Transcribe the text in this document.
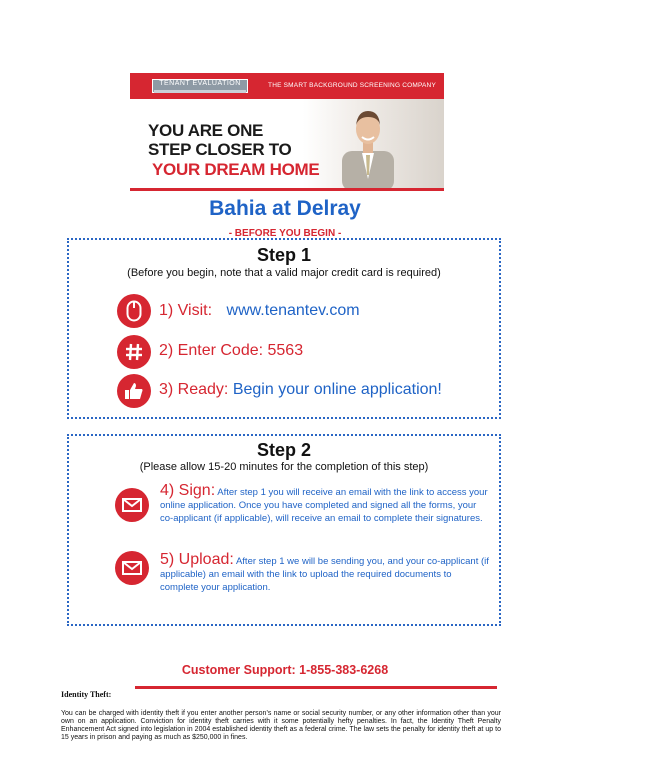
TENANT EVALUATION	THE SMART BACKGROUND SCREENING COMPANY
YOU ARE ONE
STEP CLOSER TO
YOUR DREAM HOME
Bahia at Delray
- BEFORE YOU BEGIN -
Step 1
(Before you begin, note that a valid major credit card is required)
1) Visit: www.tenantev.com
2) Enter Code: 5563
3) Ready: Begin your online application!
Step 2
(Please allow 15-20 minutes for the completion of this step)
4) Sign: After step 1 you will receive an email with the link to access your online application. Once you have completed and signed all the forms, your co-applicant (if applicable), will receive an email to complete their signatures.
5) Upload: After step 1 we will be sending you, and your co-applicant (if applicable) an email with the link to upload the required documents to complete your application.
Customer Support: 1-855-383-6268
Identity Theft:
You can be charged with identity theft if you enter another person’s name or social security number, or any other information other than your own on an application. Conviction for identity theft carries with it some potentially hefty penalties. In fact, the Identity Theft Penalty Enhancement Act signed into legislation in 2004 established identity theft as a federal crime. The law sets the penalty for identity theft at up to 15 years in prison and paying as much as $250,000 in fines.
